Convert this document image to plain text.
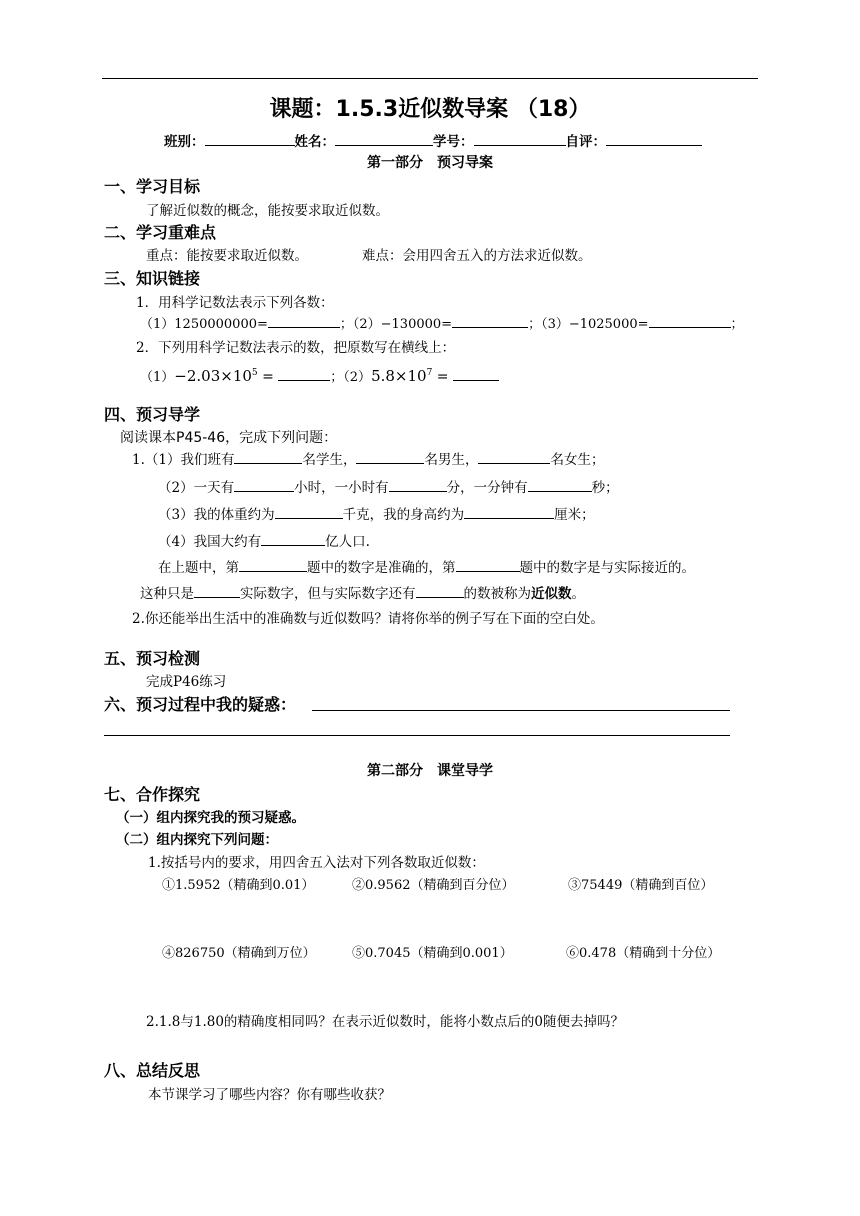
课题：1.5.3近似数导案 （18）
班别：	姓名：	学号：	自评：
第一部分　预习导案
一、学习目标
了解近似数的概念，能按要求取近似数。
二、学习重难点
重点：能按要求取近似数。	难点：会用四舍五入的方法求近似数。
三、知识链接
1．用科学记数法表示下列各数：
（1）1250000000=	；（2）−130000=	；（3）−1025000=	；
2．下列用科学记数法表示的数，把原数写在横线上：
$(1)-2.03\times 10^5$ =	；$(2)5.8\times 10^7$ =
四、预习导学
阅读课本P45-46，完成下列问题：
1.（1）我们班有	名学生，	名男生，	名女生；
（2）一天有	小时，一小时有	分，一分钟有	秒；
（3）我的体重约为	千克，我的身高约为	厘米；
（4）我国大约有	亿人口.
在上题中，第	题中的数字是准确的，第	题中的数字是与实际接近的。
这种只是	实际数字，但与实际数字还有	的数被称为近似数。
2.你还能举出生活中的准确数与近似数吗？请将你举的例子写在下面的空白处。
五、预习检测
完成P46练习
六、预习过程中我的疑惑：
第二部分　课堂导学
七、合作探究
（一）组内探究我的预习疑惑。
（二）组内探究下列问题：
1.按括号内的要求，用四舍五入法对下列各数取近似数：
①1.5952（精确到0.01）	②0.9562（精确到百分位）	③75449（精确到百位）
④826750（精确到万位）	⑤0.7045（精确到0.001）	⑥0.478（精确到十分位）
2.1.8与1.80的精确度相同吗？在表示近似数时，能将小数点后的0随便去掉吗？
八、总结反思
本节课学习了哪些内容？你有哪些收获？
